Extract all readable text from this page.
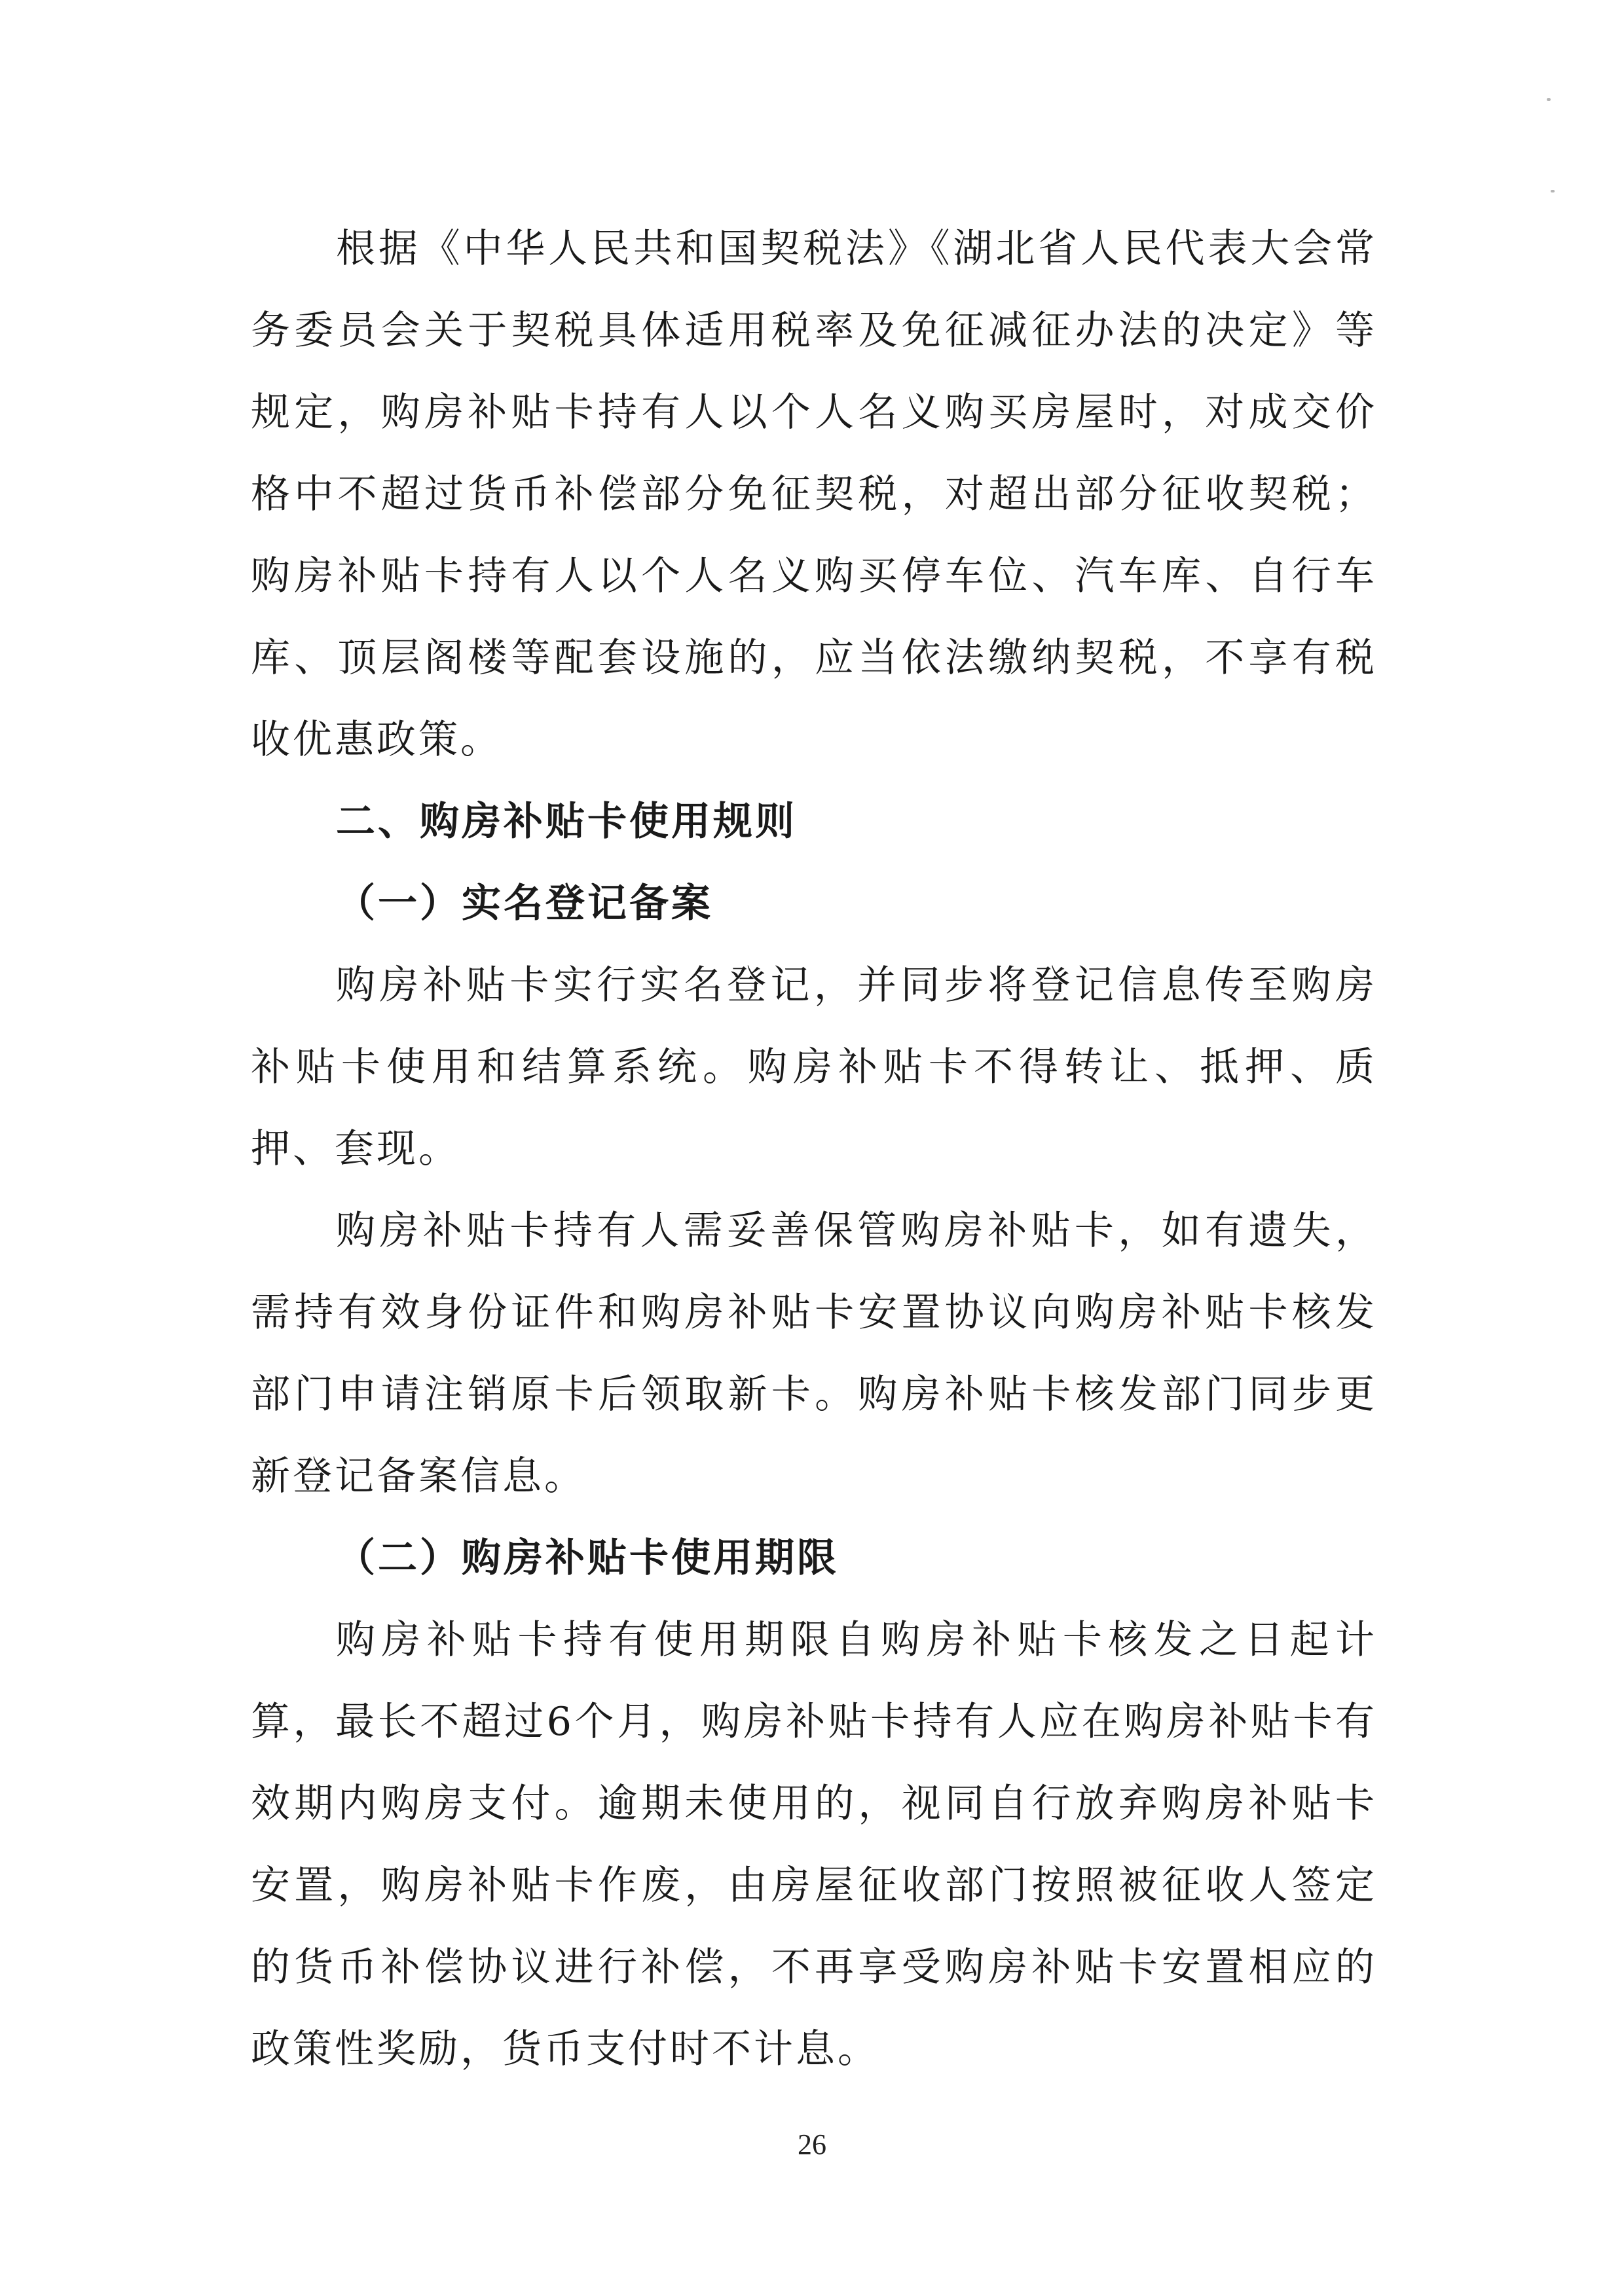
根据《中华人民共和国契税法》《湖北省人民代表大会常务委员会关于契税具体适用税率及免征减征办法的决定》等规定，购房补贴卡持有人以个人名义购买房屋时，对成交价格中不超过货币补偿部分免征契税，对超出部分征收契税；购房补贴卡持有人以个人名义购买停车位、汽车库、自行车库、顶层阁楼等配套设施的，应当依法缴纳契税，不享有税收优惠政策。

二、购房补贴卡使用规则

（一）实名登记备案

购房补贴卡实行实名登记，并同步将登记信息传至购房补贴卡使用和结算系统。购房补贴卡不得转让、抵押、质押、套现。

购房补贴卡持有人需妥善保管购房补贴卡，如有遗失，需持有效身份证件和购房补贴卡安置协议向购房补贴卡核发部门申请注销原卡后领取新卡。购房补贴卡核发部门同步更新登记备案信息。

（二）购房补贴卡使用期限

购房补贴卡持有使用期限自购房补贴卡核发之日起计算，最长不超过6个月，购房补贴卡持有人应在购房补贴卡有效期内购房支付。逾期未使用的，视同自行放弃购房补贴卡安置，购房补贴卡作废，由房屋征收部门按照被征收人签定的货币补偿协议进行补偿，不再享受购房补贴卡安置相应的政策性奖励，货币支付时不计息。

26
